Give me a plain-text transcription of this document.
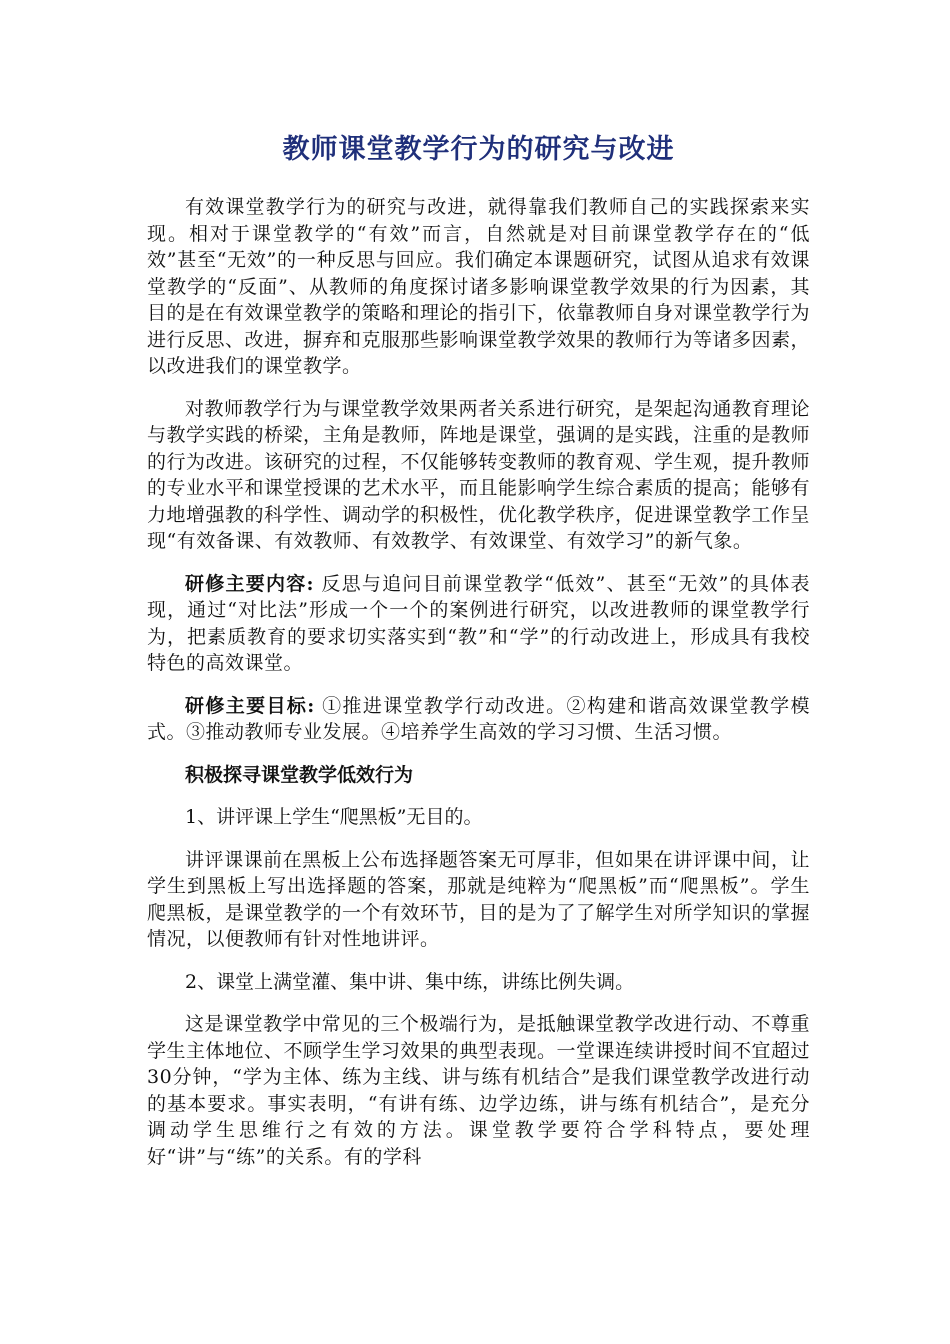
教师课堂教学行为的研究与改进

有效课堂教学行为的研究与改进，就得靠我们教师自己的实践探索来实现。相对于课堂教学的“有效”而言，自然就是对目前课堂教学存在的“低效”甚至“无效”的一种反思与回应。我们确定本课题研究，试图从追求有效课堂教学的“反面”、从教师的角度探讨诸多影响课堂教学效果的行为因素，其目的是在有效课堂教学的策略和理论的指引下，依靠教师自身对课堂教学行为进行反思、改进，摒弃和克服那些影响课堂教学效果的教师行为等诸多因素，以改进我们的课堂教学。

对教师教学行为与课堂教学效果两者关系进行研究，是架起沟通教育理论与教学实践的桥梁，主角是教师，阵地是课堂，强调的是实践，注重的是教师的行为改进。该研究的过程，不仅能够转变教师的教育观、学生观，提升教师的专业水平和课堂授课的艺术水平，而且能影响学生综合素质的提高；能够有力地增强教的科学性、调动学的积极性，优化教学秩序，促进课堂教学工作呈现“有效备课、有效教师、有效教学、有效课堂、有效学习”的新气象。

研修主要内容: 反思与追问目前课堂教学“低效”、甚至“无效”的具体表现，通过“对比法”形成一个一个的案例进行研究，以改进教师的课堂教学行为，把素质教育的要求切实落实到“教”和“学”的行动改进上，形成具有我校特色的高效课堂。

研修主要目标: ①推进课堂教学行动改进。②构建和谐高效课堂教学模式。③推动教师专业发展。④培养学生高效的学习习惯、生活习惯。

积极探寻课堂教学低效行为

1、讲评课上学生“爬黑板”无目的。

讲评课课前在黑板上公布选择题答案无可厚非，但如果在讲评课中间，让学生到黑板上写出选择题的答案，那就是纯粹为“爬黑板”而“爬黑板”。学生爬黑板，是课堂教学的一个有效环节，目的是为了了解学生对所学知识的掌握情况，以便教师有针对性地讲评。

2、课堂上满堂灌、集中讲、集中练，讲练比例失调。

这是课堂教学中常见的三个极端行为，是抵触课堂教学改进行动、不尊重学生主体地位、不顾学生学习效果的典型表现。一堂课连续讲授时间不宜超过30分钟，“学为主体、练为主线、讲与练有机结合”是我们课堂教学改进行动的基本要求。事实表明，“有讲有练、边学边练，讲与练有机结合”，是充分调动学生思维行之有效的方法。课堂教学要符合学科特点，要处理好“讲”与“练”的关系。有的学科
